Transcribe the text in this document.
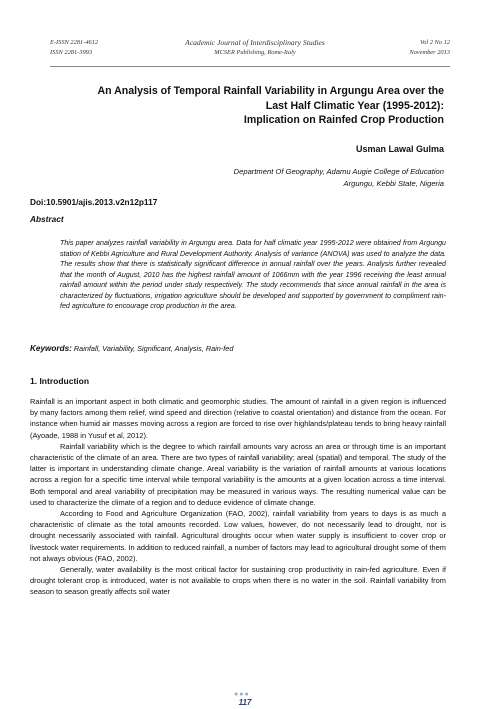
E-ISSN 2281-4612
ISSN 2281-3993
Academic Journal of Interdisciplinary Studies
MCSER Publishing, Rome-Italy
Vol 2 No 12
November 2013
An Analysis of Temporal Rainfall Variability in Argungu Area over the
Last Half Climatic Year (1995-2012):
Implication on Rainfed Crop Production
Usman Lawal Gulma
Department Of Geography, Adamu Augie College of Education
Argungu, Kebbi State, Nigeria
Doi:10.5901/ajis.2013.v2n12p117
Abstract

This paper analyzes rainfall variability in Argungu area. Data for half climatic year 1995-2012 were obtained from Argungu station of Kebbi Agriculture and Rural Development Authority. Analysis of variance (ANOVA) was used to analyze the data. The results show that there is statistically significant difference in annual rainfall over the years. Analysis further revealed that the month of August, 2010 has the highest rainfall amount of 1066mm with the year 1996 receiving the least annual rainfall amount within the period under study respectively. The study recommends that since annual rainfall in the area is characterized by fluctuations, irrigation agriculture should be developed and supported by government to compliment rain-fed agriculture to encourage crop production in the area.

Keywords: Rainfall, Variability, Significant, Analysis, Rain-fed
1. Introduction

Rainfall is an important aspect in both climatic and geomorphic studies. The amount of rainfall in a given region is influenced by many factors among them relief, wind speed and direction (relative to coastal orientation) and distance from the ocean. For instance when humid air masses moving across a region are forced to rise over highlands/plateau tends to bring heavy rainfall (Ayoade, 1988 in Yusuf et al, 2012).

Rainfall variability which is the degree to which rainfall amounts vary across an area or through time is an important characteristic of the climate of an area. There are two types of rainfall variability; areal (spatial) and temporal. The study of the latter is important in understanding climate change. Areal variability is the variation of rainfall amounts at various locations across a region for a specific time interval while temporal variability is the amounts at a given location across a time interval. Both temporal and areal variability of precipitation may be measured in various ways. The resulting numerical value can be used to characterize the climate of a region and to deduce evidence of climate change.

According to Food and Agriculture Organization (FAO, 2002), rainfall variability from years to days is as much a characteristic of climate as the total amounts recorded. Low values, however, do not necessarily lead to drought, nor is drought necessarily associated with rainfall. Agricultural droughts occur when water supply is insufficient to cover crop or livestock water requirements. In addition to reduced rainfall, a number of factors may lead to agricultural drought some of them not always obvious (FAO, 2002).

Generally, water availability is the most critical factor for sustaining crop productivity in rain-fed agriculture. Even if drought tolerant crop is introduced, water is not available to crops when there is no water in the soil. Rainfall variability from season to season greatly affects soil water

●●●
117
